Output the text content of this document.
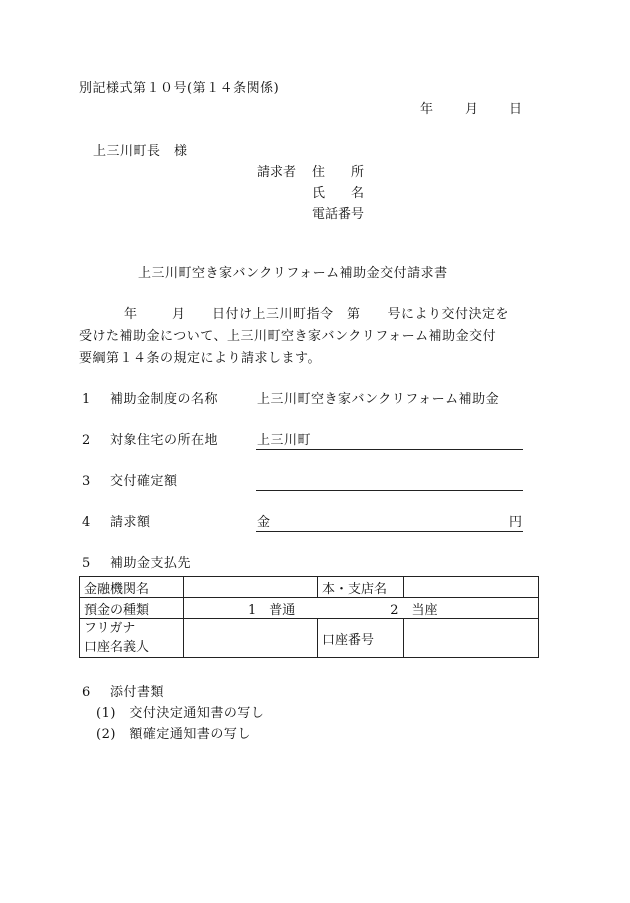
別記様式第１０号(第１４条関係)
年 月 日
上三川町長　様
請求者 住　　所
氏　　名
電話番号
上三川町空き家バンクリフォーム補助金交付請求書
年	月 日付け上三川町指令　第　　号により交付決定を
受けた補助金について、上三川町空き家バンクリフォーム補助金交付
要綱第１４条の規定により請求します。
1 補助金制度の名称	上三川町空き家バンクリフォーム補助金
2 対象住宅の所在地	上三川町
3 交付確定額
4 請求額	金	円
5 補助金支払先
金融機関名		本・支店名	
預金の種類	1　普通 2　当座		

フリガナ
口座名義人		口座番号	
6 添付書類
(1)　交付決定通知書の写し
(2)　額確定通知書の写し
